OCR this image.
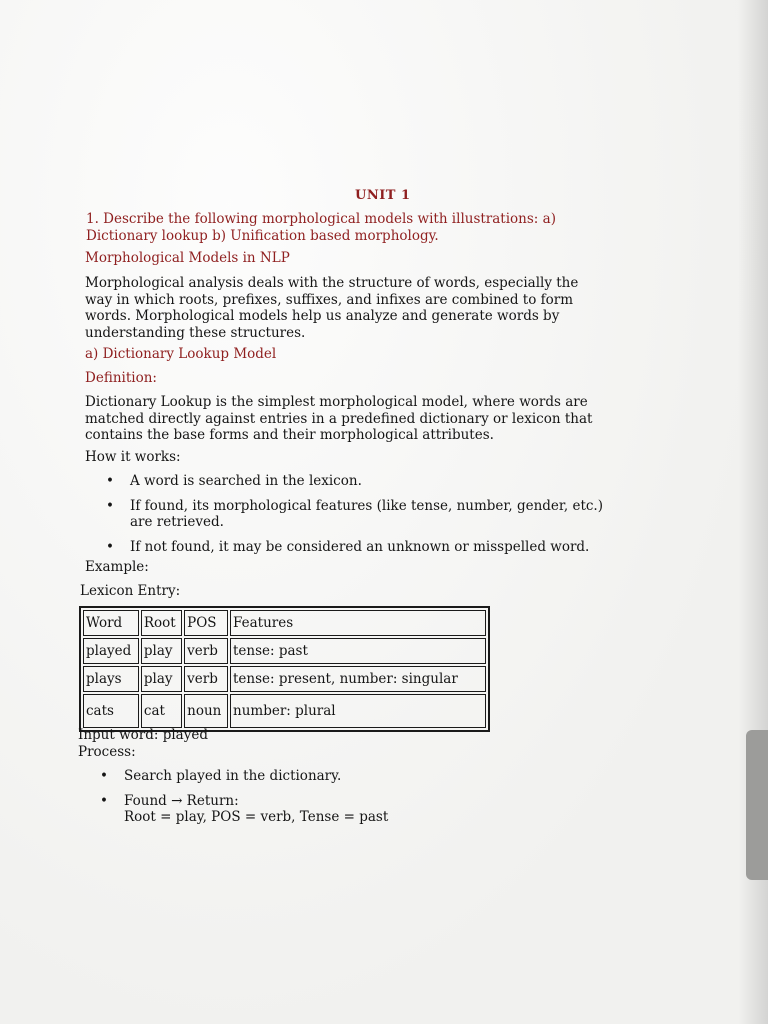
UNIT 1

1. Describe the following morphological models with illustrations: a)
Dictionary lookup b) Unification based morphology.

Morphological Models in NLP

Morphological analysis deals with the structure of words, especially the
way in which roots, prefixes, suffixes, and infixes are combined to form
words. Morphological models help us analyze and generate words by
understanding these structures.

a) Dictionary Lookup Model

Definition:

Dictionary Lookup is the simplest morphological model, where words are
matched directly against entries in a predefined dictionary or lexicon that
contains the base forms and their morphological attributes.

How it works:

• A word is searched in the lexicon.
• If found, its morphological features (like tense, number, gender, etc.)
are retrieved.
• If not found, it may be considered an unknown or misspelled word.

Example:

Lexicon Entry:

Word	Root	POS	Features
played	play	verb	tense: past
plays	play	verb	tense: present, number: singular
cats	cat	noun	number: plural

Input word: played

Process:

• Search played in the dictionary.
• Found → Return:
Root = play, POS = verb, Tense = past
